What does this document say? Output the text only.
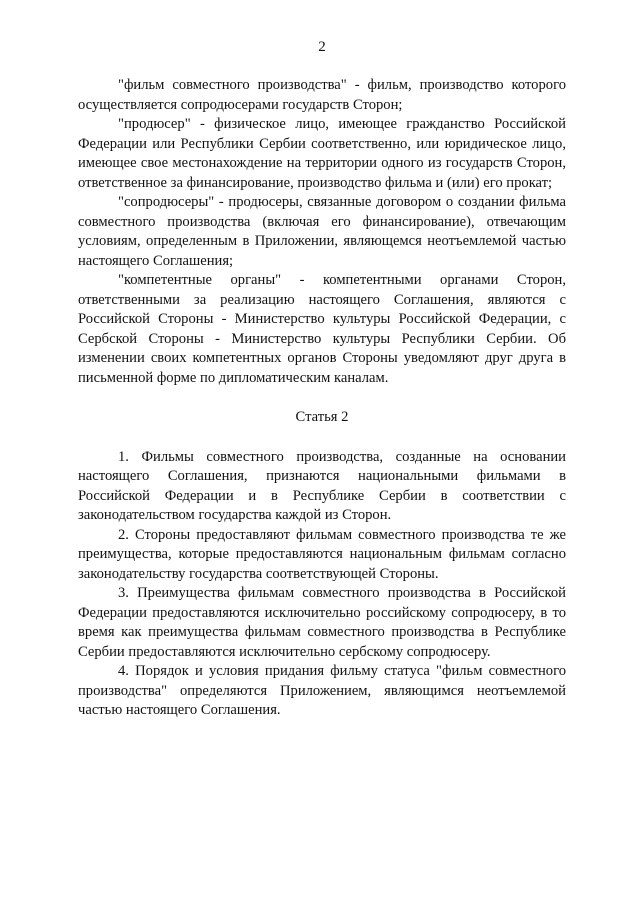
2

"фильм совместного производства" - фильм, производство которого осуществляется сопродюсерами государств Сторон;

"продюсер" - физическое лицо, имеющее гражданство Российской Федерации или Республики Сербии соответственно, или юридическое лицо, имеющее свое местонахождение на территории одного из государств Сторон, ответственное за финансирование, производство фильма и (или) его прокат;

"сопродюсеры" - продюсеры, связанные договором о создании фильма совместного производства (включая его финансирование), отвечающим условиям, определенным в Приложении, являющемся неотъемлемой частью настоящего Соглашения;

"компетентные органы" - компетентными органами Сторон, ответственными за реализацию настоящего Соглашения, являются с Российской Стороны - Министерство культуры Российской Федерации, с Сербской Стороны - Министерство культуры Республики Сербии. Об изменении своих компетентных органов Стороны уведомляют друг друга в письменной форме по дипломатическим каналам.

Статья 2

1. Фильмы совместного производства, созданные на основании настоящего Соглашения, признаются национальными фильмами в Российской Федерации и в Республике Сербии в соответствии с законодательством государства каждой из Сторон.

2. Стороны предоставляют фильмам совместного производства те же преимущества, которые предоставляются национальным фильмам согласно законодательству государства соответствующей Стороны.

3. Преимущества фильмам совместного производства в Российской Федерации предоставляются исключительно российскому сопродюсеру, в то время как преимущества фильмам совместного производства в Республике Сербии предоставляются исключительно сербскому сопродюсеру.

4. Порядок и условия придания фильму статуса "фильм совместного производства" определяются Приложением, являющимся неотъемлемой частью настоящего Соглашения.
